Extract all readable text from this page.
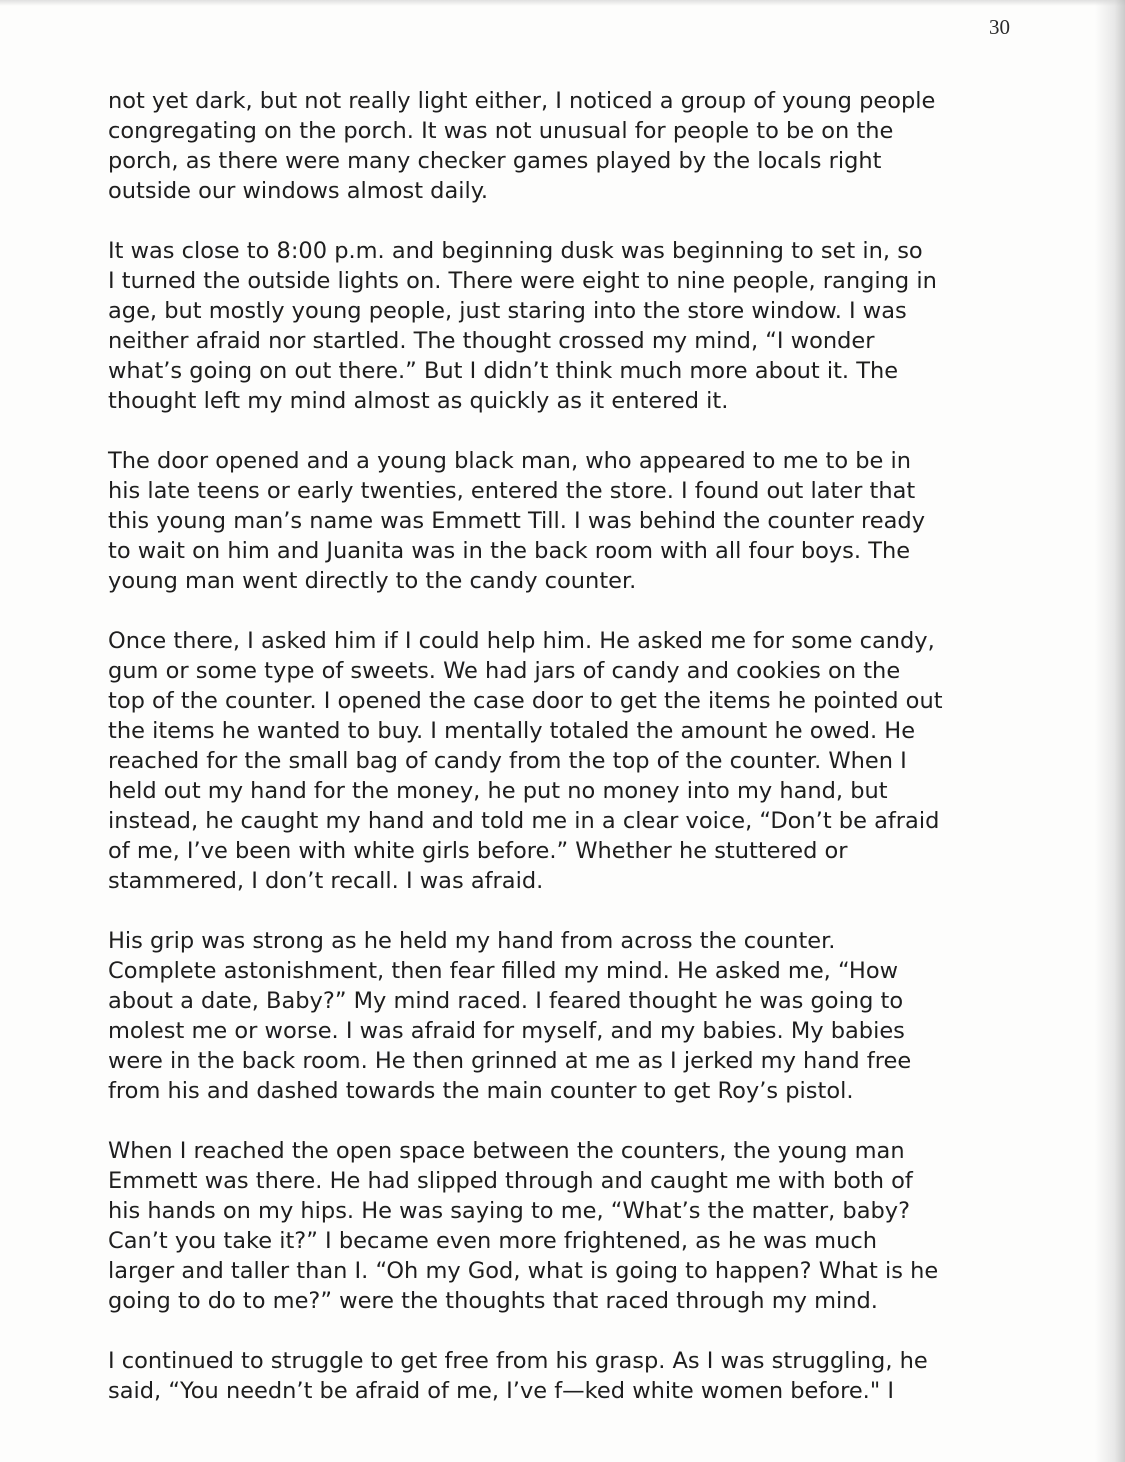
30

not yet dark, but not really light either, I noticed a group of young people
congregating on the porch. It was not unusual for people to be on the
porch, as there were many checker games played by the locals right
outside our windows almost daily.

It was close to 8:00 p.m. and beginning dusk was beginning to set in, so
I turned the outside lights on. There were eight to nine people, ranging in
age, but mostly young people, just staring into the store window. I was
neither afraid nor startled. The thought crossed my mind, “I wonder
what’s going on out there.” But I didn’t think much more about it. The
thought left my mind almost as quickly as it entered it.

The door opened and a young black man, who appeared to me to be in
his late teens or early twenties, entered the store. I found out later that
this young man’s name was Emmett Till. I was behind the counter ready
to wait on him and Juanita was in the back room with all four boys. The
young man went directly to the candy counter.

Once there, I asked him if I could help him. He asked me for some candy,
gum or some type of sweets. We had jars of candy and cookies on the
top of the counter. I opened the case door to get the items he pointed out
the items he wanted to buy. I mentally totaled the amount he owed. He
reached for the small bag of candy from the top of the counter. When I
held out my hand for the money, he put no money into my hand, but
instead, he caught my hand and told me in a clear voice, “Don’t be afraid
of me, I’ve been with white girls before.” Whether he stuttered or
stammered, I don’t recall. I was afraid.

His grip was strong as he held my hand from across the counter.
Complete astonishment, then fear filled my mind. He asked me, “How
about a date, Baby?” My mind raced. I feared thought he was going to
molest me or worse. I was afraid for myself, and my babies. My babies
were in the back room. He then grinned at me as I jerked my hand free
from his and dashed towards the main counter to get Roy’s pistol.

When I reached the open space between the counters, the young man
Emmett was there. He had slipped through and caught me with both of
his hands on my hips. He was saying to me, “What’s the matter, baby?
Can’t you take it?” I became even more frightened, as he was much
larger and taller than I. “Oh my God, what is going to happen? What is he
going to do to me?” were the thoughts that raced through my mind.

I continued to struggle to get free from his grasp. As I was struggling, he
said, “You needn’t be afraid of me, I’ve f—ked white women before." I
